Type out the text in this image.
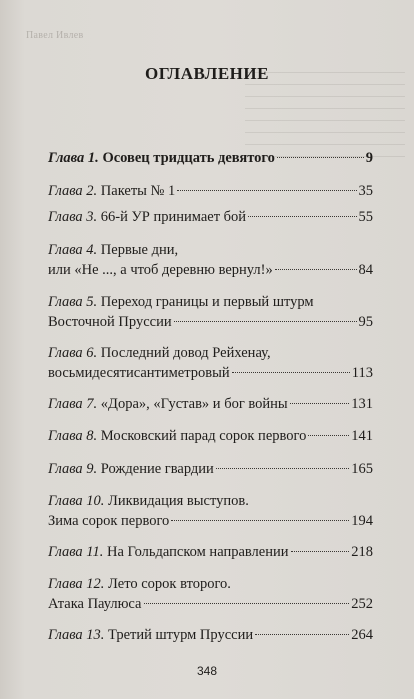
Павел Ивлев
ОГЛАВЛЕНИЕ
Глава 1.
Осовец тридцать девятого	9
Глава 2.
Пакеты № 1	35
Глава 3.
66-й УР принимает бой	55
Глава 4. Первые дни,
или «Не ..., а чтоб деревню вернул!»	84
Глава 5. Переход границы и первый штурм
Восточной Пруссии	95
Глава 6. Последний довод Рейхенау,
восьмидесятисантиметровый	113
Глава 7.
«Дора», «Густав» и бог войны	131
Глава 8.
Московский парад сорок первого	141
Глава 9.
Рождение гвардии	165
Глава 10. Ликвидация выступов.
Зима сорок первого	194
Глава 11.
На Гольдапском направлении	218
Глава 12. Лето сорок второго.
Атака Паулюса	252
Глава 13.
Третий штурм Пруссии	264
348
